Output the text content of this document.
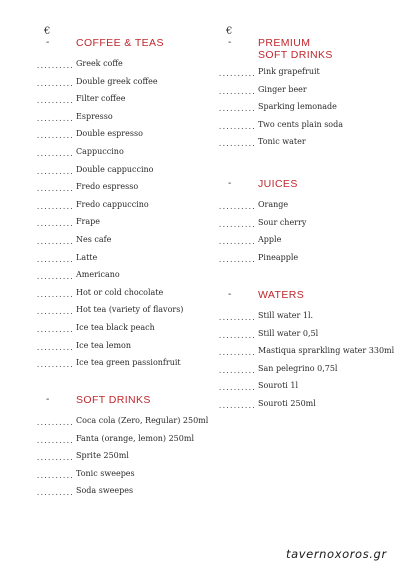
€
-	COFFEE & TEAS
.......... Greek coffe
.......... Double greek coffee
.......... Filter coffee
.......... Espresso
.......... Double espresso
.......... Cappuccino
.......... Double cappuccino
.......... Fredo espresso
.......... Fredo cappuccino
.......... Frape
.......... Nes cafe
.......... Latte
.......... Americano
.......... Hot or cold chocolate
.......... Hot tea (variety of flavors)
.......... Ice tea black peach
.......... Ice tea lemon
.......... Ice tea green passionfruit
-	SOFT DRINKS
.......... Coca cola (Zero, Regular) 250ml
.......... Fanta (orange, lemon) 250ml
.......... Sprite 250ml
.......... Tonic sweepes
.......... Soda sweepes
€
-	PREMIUM
SOFT DRINKS
.......... Pink grapefruit
.......... Ginger beer
.......... Sparking lemonade
.......... Two cents plain soda
.......... Tonic water
-	JUICES
.......... Orange
.......... Sour cherry
.......... Apple
.......... Pineapple
-	WATERS
.......... Still water 1l.
.......... Still water 0,5l
.......... Mastiqua sprarkling water 330ml
.......... San pelegrino 0,75l
.......... Souroti 1l
.......... Souroti 250ml
tavernoxoros.gr
